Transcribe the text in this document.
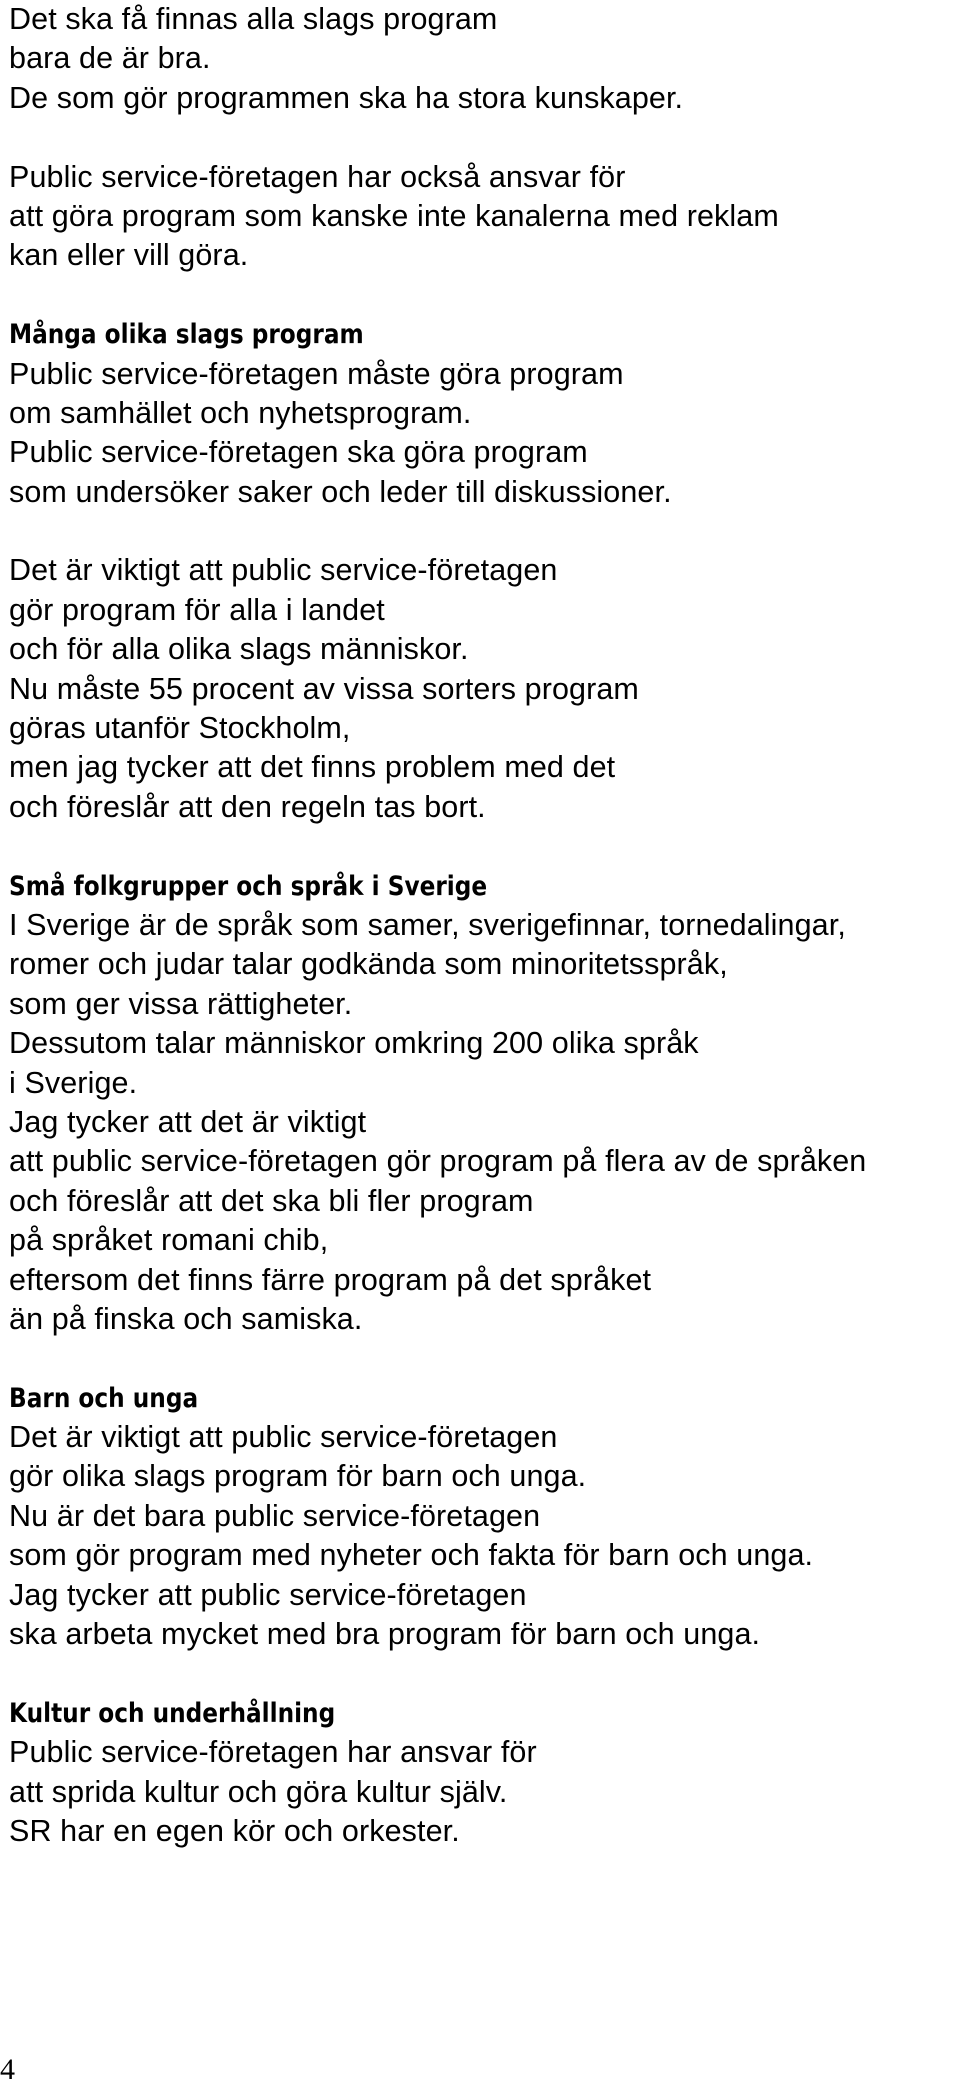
Det ska få finnas alla slags program
bara de är bra.
De som gör programmen ska ha stora kunskaper.
Public service-företagen har också ansvar för
att göra program som kanske inte kanalerna med reklam
kan eller vill göra.
Många olika slags program
Public service-företagen måste göra program
om samhället och nyhetsprogram.
Public service-företagen ska göra program
som undersöker saker och leder till diskussioner.
Det är viktigt att public service-företagen
gör program för alla i landet
och för alla olika slags människor.
Nu måste 55 procent av vissa sorters program
göras utanför Stockholm,
men jag tycker att det finns problem med det
och föreslår att den regeln tas bort.
Små folkgrupper och språk i Sverige
I Sverige är de språk som samer, sverigefinnar, tornedalingar,
romer och judar talar godkända som minoritetsspråk,
som ger vissa rättigheter.
Dessutom talar människor omkring 200 olika språk
i Sverige.
Jag tycker att det är viktigt
att public service-företagen gör program på flera av de språken
och föreslår att det ska bli fler program
på språket romani chib,
eftersom det finns färre program på det språket
än på finska och samiska.
Barn och unga
Det är viktigt att public service-företagen
gör olika slags program för barn och unga.
Nu är det bara public service-företagen
som gör program med nyheter och fakta för barn och unga.
Jag tycker att public service-företagen
ska arbeta mycket med bra program för barn och unga.
Kultur och underhållning
Public service-företagen har ansvar för
att sprida kultur och göra kultur själv.
SR har en egen kör och orkester.
4
